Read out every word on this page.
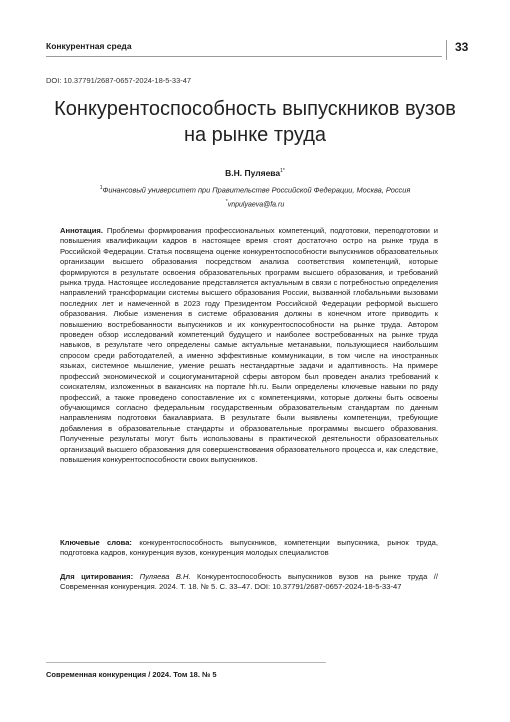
Конкурентная среда	33
DOI: 10.37791/2687-0657-2024-18-5-33-47
Конкурентоспособность выпускников вузов на рынке труда
В.Н. Пуляева$^{1*}$
$^1$Финансовый университет при Правительстве Российской Федерации, Москва, Россия
*vnpulyaeva@fa.ru

Аннотация. Проблемы формирования профессиональных компетенций, подготовки, переподготовки и повышения квалификации кадров в настоящее время стоят достаточно остро на рынке труда в Российской Федерации. Статья посвящена оценке конкурентоспособности выпускников образовательных организации высшего образования посредством анализа соответствия компетенций, которые формируются в результате освоения образовательных программ высшего образования, и требований рынка труда. Настоящее исследование представляется актуальным в связи с потребностью определения направлений трансформации системы высшего образования России, вызванной глобальными вызовами последних лет и намеченной в 2023 году Президентом Российской Федерации реформой высшего образования. Любые изменения в системе образования должны в конечном итоге приводить к повышению востребованности выпускников и их конкурентоспособности на рынке труда. Автором проведен обзор исследований компетенций будущего и наиболее востребованных на рынке труда навыков, в результате чего определены самые актуальные метанавыки, пользующиеся наибольшим спросом среди работодателей, а именно эффективные коммуникации, в том числе на иностранных языках, системное мышление, умение решать нестандартные задачи и адаптивность. На примере профессий экономической и социогуманитарной сферы автором был проведен анализ требований к соискателям, изложенных в вакансиях на портале hh.ru. Были определены ключевые навыки по ряду профессий, а также проведено сопоставление их с компетенциями, которые должны быть освоены обучающимся согласно федеральным государственным образовательным стандартам по данным направлениям подготовки бакалавриата. В результате были выявлены компетенции, требующие добавления в образовательные стандарты и образовательные программы высшего образования. Полученные результаты могут быть использованы в практической деятельности образовательных организаций высшего образования для совершенствования образовательного процесса и, как следствие, повышения конкурентоспособности своих выпускников.

Ключевые слова: конкурентоспособность выпускников, компетенции выпускника, рынок труда, подготовка кадров, конкуренция вузов, конкуренция молодых специалистов

Для цитирования: Пуляева В.Н. Конкурентоспособность выпускников вузов на рынке труда // Современная конкуренция. 2024. Т. 18. № 5. С. 33–47. DOI: 10.37791/2687-0657-2024-18-5-33-47

Современная конкуренция / 2024. Том 18. № 5
